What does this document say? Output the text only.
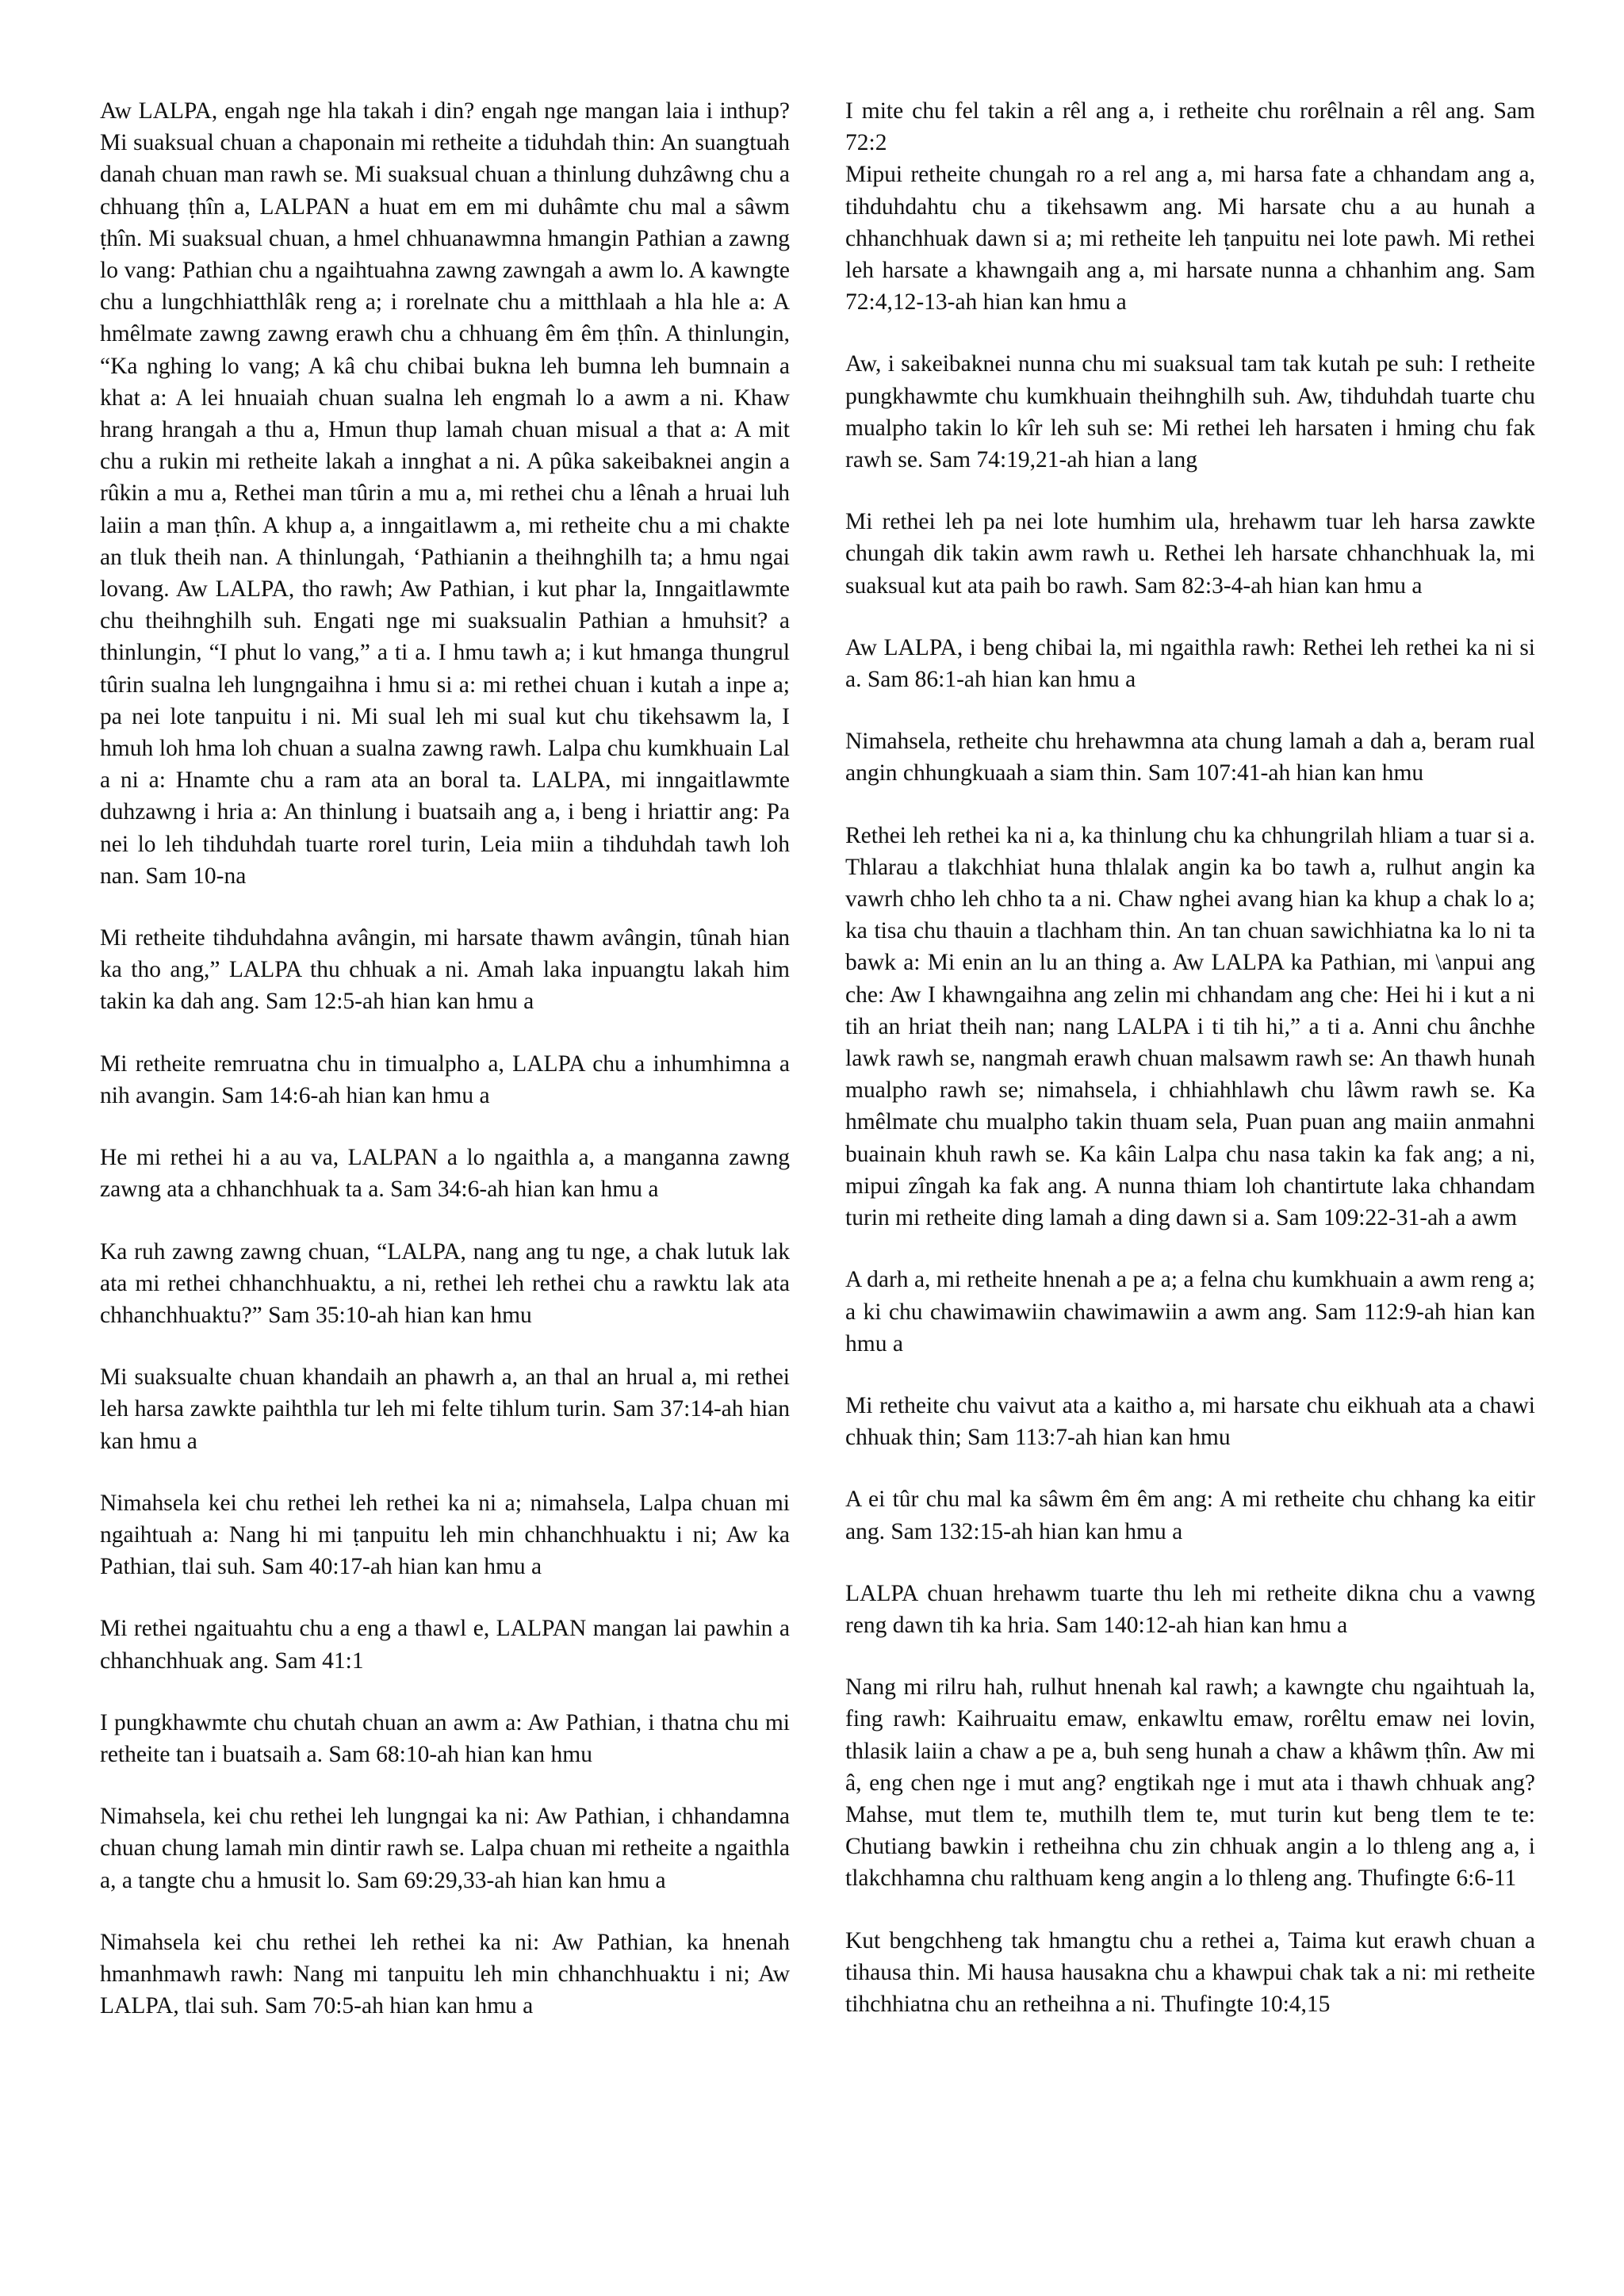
Aw LALPA, engah nge hla takah i din? engah nge mangan laia i inthup? Mi suaksual chuan a chaponain mi retheite a tiduhdah thin: An suangtuah danah chuan man rawh se. Mi suaksual chuan a thinlung duhzâwng chu a chhuang ṭhîn a, LALPAN a huat em em mi duhâmte chu mal a sâwm ṭhîn. Mi suaksual chuan, a hmel chhuanawmna hmangin Pathian a zawng lo vang: Pathian chu a ngaihtuahna zawng zawngah a awm lo. A kawngte chu a lungchhiatthlâk reng a; i rorelnate chu a mitthlaah a hla hle a: A hmêlmate zawng zawng erawh chu a chhuang êm êm ṭhîn. A thinlungin, “Ka nghing lo vang; A kâ chu chibai bukna leh bumna leh bumnain a khat a: A lei hnuaiah chuan sualna leh engmah lo a awm a ni. Khaw hrang hrangah a thu a, Hmun thup lamah chuan misual a that a: A mit chu a rukin mi retheite lakah a innghat a ni. A pûka sakeibaknei angin a rûkin a mu a, Rethei man tûrin a mu a, mi rethei chu a lênah a hruai luh laiin a man ṭhîn. A khup a, a inngaitlawm a, mi retheite chu a mi chakte an tluk theih nan. A thinlungah, ‘Pathianin a theihnghilh ta; a hmu ngai lovang. Aw LALPA, tho rawh; Aw Pathian, i kut phar la, Inngaitlawmte chu theihnghilh suh. Engati nge mi suaksualin Pathian a hmuhsit? a thinlungin, “I phut lo vang,” a ti a. I hmu tawh a; i kut hmanga thungrul tûrin sualna leh lungngaihna i hmu si a: mi rethei chuan i kutah a inpe a; pa nei lote tanpuitu i ni. Mi sual leh mi sual kut chu tikehsawm la, I hmuh loh hma loh chuan a sualna zawng rawh. Lalpa chu kumkhuain Lal a ni a: Hnamte chu a ram ata an boral ta. LALPA, mi inngaitlawmte duhzawng i hria a: An thinlung i buatsaih ang a, i beng i hriattir ang: Pa nei lo leh tihduhdah tuarte rorel turin, Leia miin a tihduhdah tawh loh nan. Sam 10-na

Mi retheite tihduhdahna avângin, mi harsate thawm avângin, tûnah hian ka tho ang,” LALPA thu chhuak a ni. Amah laka inpuangtu lakah him takin ka dah ang. Sam 12:5-ah hian kan hmu a

Mi retheite remruatna chu in timualpho a, LALPA chu a inhumhimna a nih avangin. Sam 14:6-ah hian kan hmu a

He mi rethei hi a au va, LALPAN a lo ngaithla a, a manganna zawng zawng ata a chhanchhuak ta a. Sam 34:6-ah hian kan hmu a

Ka ruh zawng zawng chuan, “LALPA, nang ang tu nge, a chak lutuk lak ata mi rethei chhanchhuaktu, a ni, rethei leh rethei chu a rawktu lak ata chhanchhuaktu?” Sam 35:10-ah hian kan hmu

Mi suaksualte chuan khandaih an phawrh a, an thal an hrual a, mi rethei leh harsa zawkte paihthla tur leh mi felte tihlum turin. Sam 37:14-ah hian kan hmu a

Nimahsela kei chu rethei leh rethei ka ni a; nimahsela, Lalpa chuan mi ngaihtuah a: Nang hi mi ṭanpuitu leh min chhanchhuaktu i ni; Aw ka Pathian, tlai suh. Sam 40:17-ah hian kan hmu a

Mi rethei ngaituahtu chu a eng a thawl e, LALPAN mangan lai pawhin a chhanchhuak ang. Sam 41:1

I pungkhawmte chu chutah chuan an awm a: Aw Pathian, i thatna chu mi retheite tan i buatsaih a. Sam 68:10-ah hian kan hmu

Nimahsela, kei chu rethei leh lungngai ka ni: Aw Pathian, i chhandamna chuan chung lamah min dintir rawh se. Lalpa chuan mi retheite a ngaithla a, a tangte chu a hmusit lo. Sam 69:29,33-ah hian kan hmu a

Nimahsela kei chu rethei leh rethei ka ni: Aw Pathian, ka hnenah hmanhmawh rawh: Nang mi tanpuitu leh min chhanchhuaktu i ni; Aw LALPA, tlai suh. Sam 70:5-ah hian kan hmu a

I mite chu fel takin a rêl ang a, i retheite chu rorêlnain a rêl ang. Sam 72:2
Mipui retheite chungah ro a rel ang a, mi harsa fate a chhandam ang a, tihduhdahtu chu a tikehsawm ang. Mi harsate chu a au hunah a chhanchhuak dawn si a; mi retheite leh ṭanpuitu nei lote pawh. Mi rethei leh harsate a khawngaih ang a, mi harsate nunna a chhanhim ang. Sam 72:4,12-13-ah hian kan hmu a

Aw, i sakeibaknei nunna chu mi suaksual tam tak kutah pe suh: I retheite pungkhawmte chu kumkhuain theihnghilh suh. Aw, tihduhdah tuarte chu mualpho takin lo kîr leh suh se: Mi rethei leh harsaten i hming chu fak rawh se. Sam 74:19,21-ah hian a lang

Mi rethei leh pa nei lote humhim ula, hrehawm tuar leh harsa zawkte chungah dik takin awm rawh u. Rethei leh harsate chhanchhuak la, mi suaksual kut ata paih bo rawh. Sam 82:3-4-ah hian kan hmu a

Aw LALPA, i beng chibai la, mi ngaithla rawh: Rethei leh rethei ka ni si a. Sam 86:1-ah hian kan hmu a

Nimahsela, retheite chu hrehawmna ata chung lamah a dah a, beram rual angin chhungkuaah a siam thin. Sam 107:41-ah hian kan hmu

Rethei leh rethei ka ni a, ka thinlung chu ka chhungrilah hliam a tuar si a. Thlarau a tlakchhiat huna thlalak angin ka bo tawh a, rulhut angin ka vawrh chho leh chho ta a ni. Chaw nghei avang hian ka khup a chak lo a; ka tisa chu thauin a tlachham thin. An tan chuan sawichhiatna ka lo ni ta bawk a: Mi enin an lu an thing a. Aw LALPA ka Pathian, mi \anpui ang che: Aw I khawngaihna ang zelin mi chhandam ang che: Hei hi i kut a ni tih an hriat theih nan; nang LALPA i ti tih hi,” a ti a. Anni chu ânchhe lawk rawh se, nangmah erawh chuan malsawm rawh se: An thawh hunah mualpho rawh se; nimahsela, i chhiahhlawh chu lâwm rawh se. Ka hmêlmate chu mualpho takin thuam sela, Puan puan ang maiin anmahni buainain khuh rawh se. Ka kâin Lalpa chu nasa takin ka fak ang; a ni, mipui zîngah ka fak ang. A nunna thiam loh chantirtute laka chhandam turin mi retheite ding lamah a ding dawn si a. Sam 109:22-31-ah a awm

A darh a, mi retheite hnenah a pe a; a felna chu kumkhuain a awm reng a; a ki chu chawimawiin chawimawiin a awm ang. Sam 112:9-ah hian kan hmu a

Mi retheite chu vaivut ata a kaitho a, mi harsate chu eikhuah ata a chawi chhuak thin; Sam 113:7-ah hian kan hmu

A ei tûr chu mal ka sâwm êm êm ang: A mi retheite chu chhang ka eitir ang. Sam 132:15-ah hian kan hmu a

LALPA chuan hrehawm tuarte thu leh mi retheite dikna chu a vawng reng dawn tih ka hria. Sam 140:12-ah hian kan hmu a

Nang mi rilru hah, rulhut hnenah kal rawh; a kawngte chu ngaihtuah la, fing rawh: Kaihruaitu emaw, enkawltu emaw, rorêltu emaw nei lovin, thlasik laiin a chaw a pe a, buh seng hunah a chaw a khâwm ṭhîn. Aw mi â, eng chen nge i mut ang? engtikah nge i mut ata i thawh chhuak ang? Mahse, mut tlem te, muthilh tlem te, mut turin kut beng tlem te te: Chutiang bawkin i retheihna chu zin chhuak angin a lo thleng ang a, i tlakchhamna chu ralthuam keng angin a lo thleng ang. Thufingte 6:6-11

Kut bengchheng tak hmangtu chu a rethei a, Taima kut erawh chuan a tihausa thin. Mi hausa hausakna chu a khawpui chak tak a ni: mi retheite tihchhiatna chu an retheihna a ni. Thufingte 10:4,15
